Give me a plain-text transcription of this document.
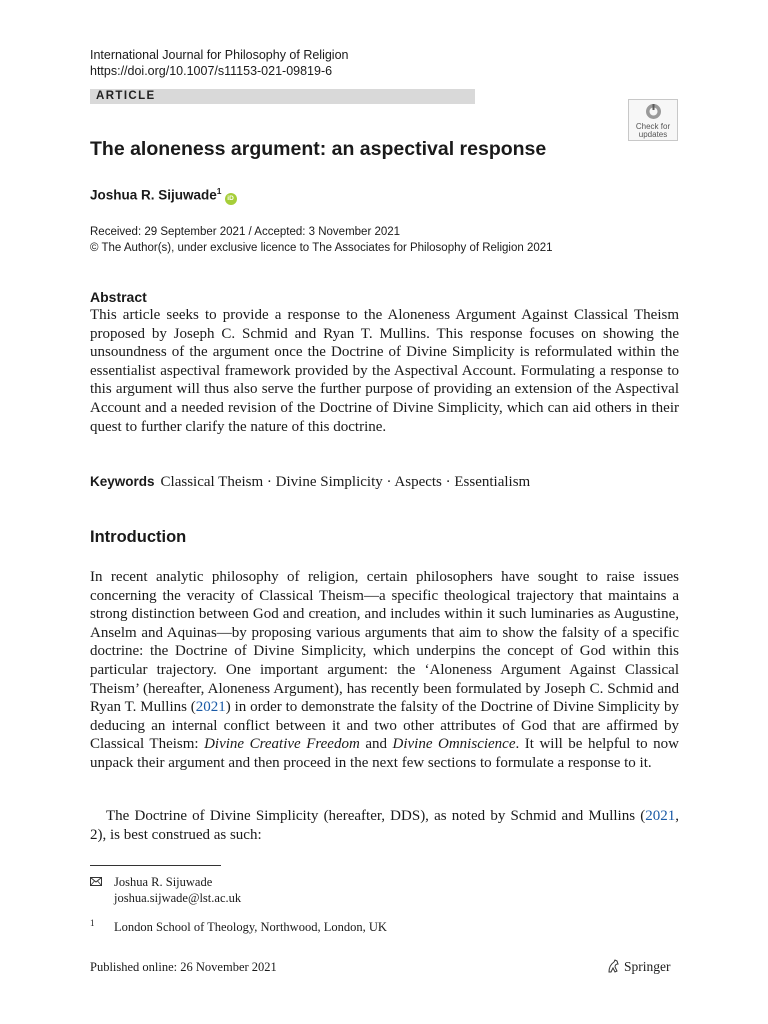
International Journal for Philosophy of Religion
https://doi.org/10.1007/s11153-021-09819-6
ARTICLE
Check for updates
The aloneness argument: an aspectival response
Joshua R. Sijuwade$^1$iD
Received: 29 September 2021 / Accepted: 3 November 2021
© The Author(s), under exclusive licence to The Associates for Philosophy of Religion 2021
Abstract

This article seeks to provide a response to the Aloneness Argument Against Classical Theism proposed by Joseph C. Schmid and Ryan T. Mullins. This response focuses on showing the unsoundness of the argument once the Doctrine of Divine Simplicity is reformulated within the essentialist aspectival framework provided by the Aspectival Account. Formulating a response to this argument will thus also serve the further purpose of providing an extension of the Aspectival Account and a needed revision of the Doctrine of Divine Simplicity, which can aid others in their quest to further clarify the nature of this doctrine.

Keywords Classical Theism · Divine Simplicity · Aspects · Essentialism
Introduction

In recent analytic philosophy of religion, certain philosophers have sought to raise issues concerning the veracity of Classical Theism—a specific theological trajectory that maintains a strong distinction between God and creation, and includes within it such luminaries as Augustine, Anselm and Aquinas—by proposing various arguments that aim to show the falsity of a specific doctrine: the Doctrine of Divine Simplicity, which underpins the concept of God within this particular trajectory. One important argument: the ‘Aloneness Argument Against Classical Theism’ (hereafter, Aloneness Argument), has recently been formulated by Joseph C. Schmid and Ryan T. Mullins (2021) in order to demonstrate the falsity of the Doctrine of Divine Simplicity by deducing an internal conflict between it and two other attributes of God that are affirmed by Classical Theism: Divine Creative Freedom and Divine Omniscience. It will be helpful to now unpack their argument and then proceed in the next few sections to formulate a response to it.

The Doctrine of Divine Simplicity (hereafter, DDS), as noted by Schmid and Mullins (2021, 2), is best construed as such:

Joshua R. Sijuwade
joshua.sijwade@lst.ac.uk
1 London School of Theology, Northwood, London, UK
Published online: 26 November 2021	Springer
